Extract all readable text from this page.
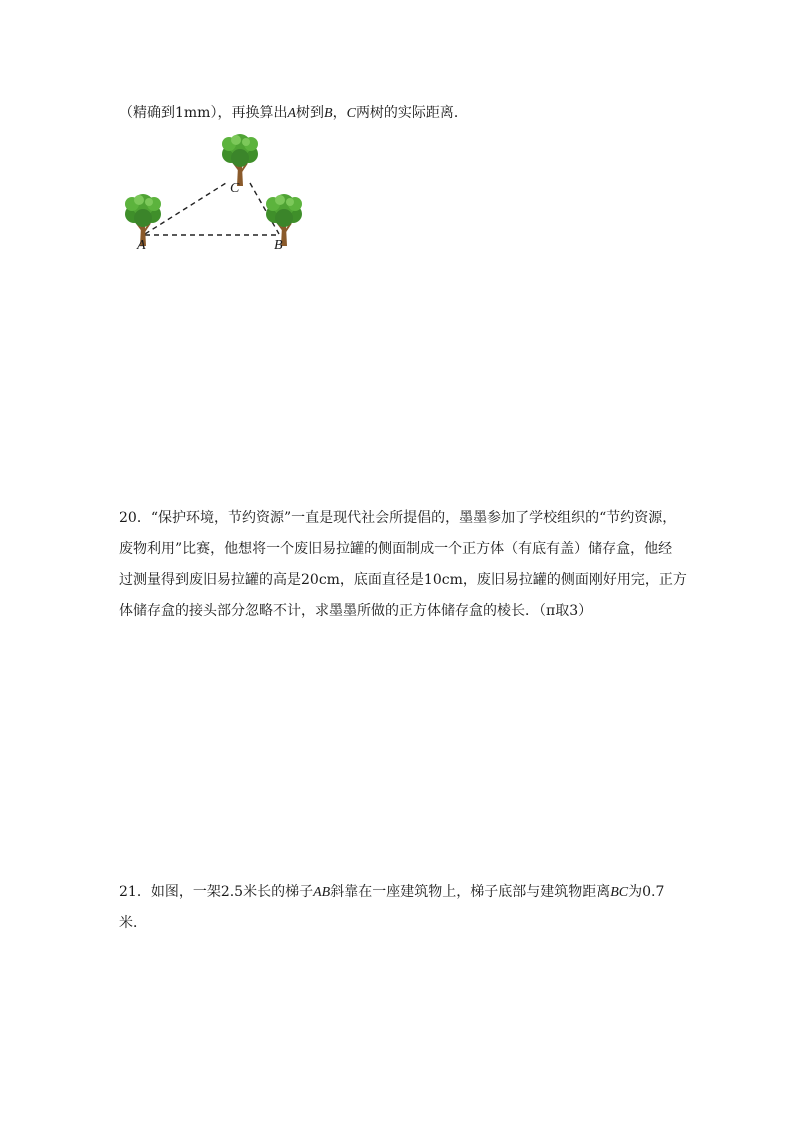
（精确到1mm），再换算出A树到B，C两树的实际距离．
C
A	B
20．“保护环境，节约资源”一直是现代社会所提倡的，墨墨参加了学校组织的“节约资源，
废物利用”比赛，他想将一个废旧易拉罐的侧面制成一个正方体（有底有盖）储存盒，他经
过测量得到废旧易拉罐的高是20cm，底面直径是10cm，废旧易拉罐的侧面刚好用完，正方
体储存盒的接头部分忽略不计，求墨墨所做的正方体储存盒的棱长．（π取3）
21．如图，一架2.5米长的梯子AB斜靠在一座建筑物上，梯子底部与建筑物距离BC为0.7
米．
